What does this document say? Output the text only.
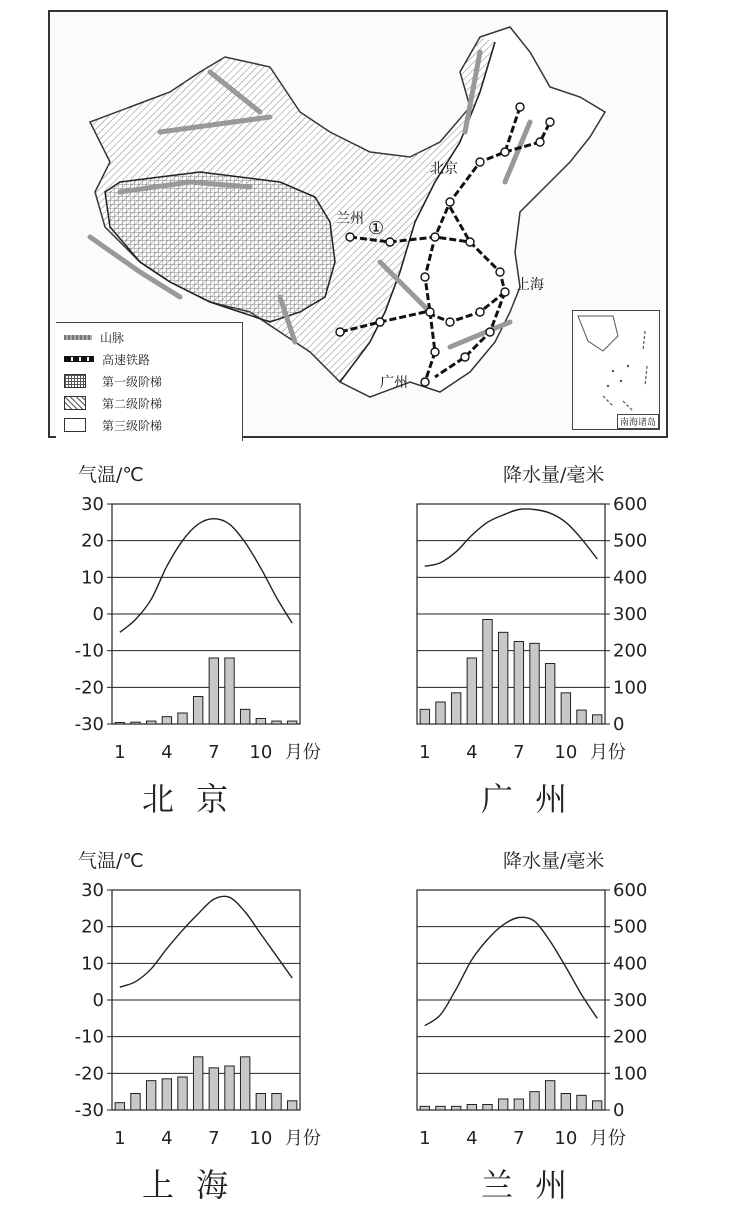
北京
上海
广州
兰州 ①
山脉
高速铁路
第一级阶梯
第二级阶梯
第三级阶梯	南海诸岛
气温/℃
30
20
10
0
-10
-20
-30
1 4 7 10 月份
北 京
降水量/毫米
600
500
400
300
200
100
0
1 4 7 10 月份
广 州
气温/℃
30
20
10
0
-10
-20
-30
1 4 7 10 月份
上 海
降水量/毫米
600
500
400
300
200
100
0
1 4 7 10 月份
兰 州
